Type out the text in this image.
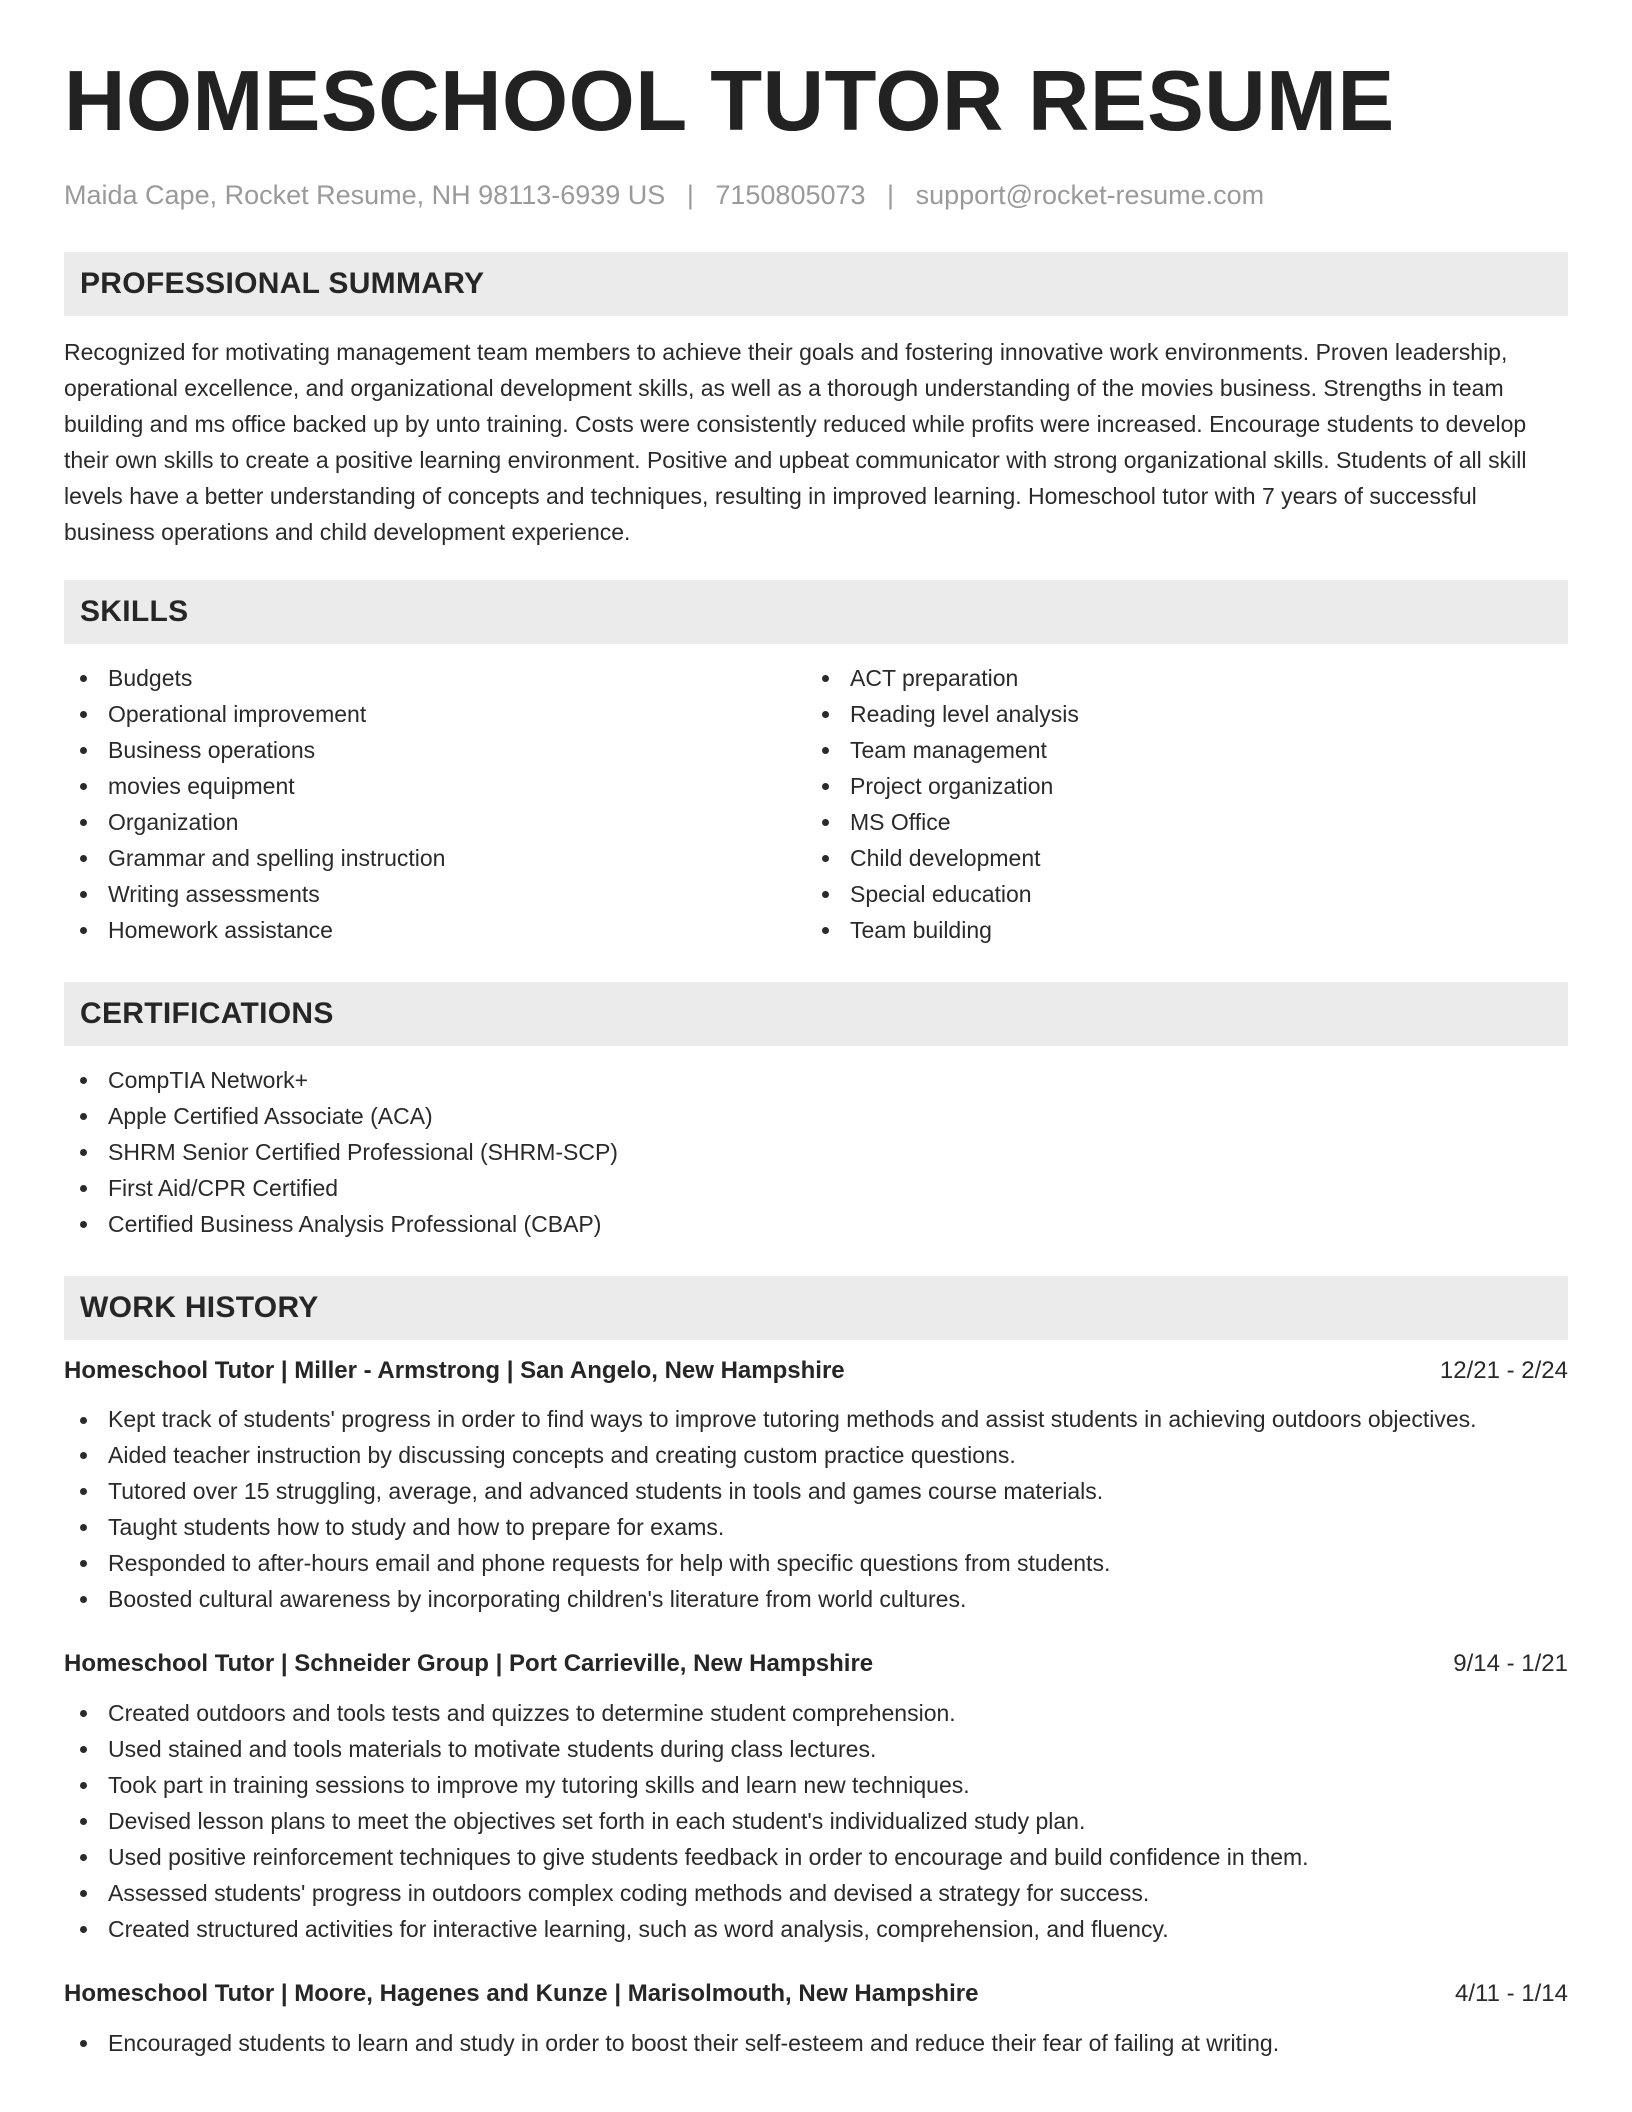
HOMESCHOOL TUTOR RESUME
Maida Cape, Rocket Resume, NH 98113-6939 US | 7150805073 | support@rocket-resume.com
PROFESSIONAL SUMMARY

Recognized for motivating management team members to achieve their goals and fostering innovative work environments. Proven leadership, operational excellence, and organizational development skills, as well as a thorough understanding of the movies business. Strengths in team building and ms office backed up by unto training. Costs were consistently reduced while profits were increased. Encourage students to develop their own skills to create a positive learning environment. Positive and upbeat communicator with strong organizational skills. Students of all skill levels have a better understanding of concepts and techniques, resulting in improved learning. Homeschool tutor with 7 years of successful business operations and child development experience.

SKILLS
Budgets
Operational improvement
Business operations
movies equipment
Organization
Grammar and spelling instruction
Writing assessments
Homework assistance
ACT preparation
Reading level analysis
Team management
Project organization
MS Office
Child development
Special education
Team building
CERTIFICATIONS
CompTIA Network+
Apple Certified Associate (ACA)
SHRM Senior Certified Professional (SHRM-SCP)
First Aid/CPR Certified
Certified Business Analysis Professional (CBAP)
WORK HISTORY
Homeschool Tutor | Miller - Armstrong | San Angelo, New Hampshire	12/21 - 2/24
Kept track of students' progress in order to find ways to improve tutoring methods and assist students in achieving outdoors objectives.
Aided teacher instruction by discussing concepts and creating custom practice questions.
Tutored over 15 struggling, average, and advanced students in tools and games course materials.
Taught students how to study and how to prepare for exams.
Responded to after-hours email and phone requests for help with specific questions from students.
Boosted cultural awareness by incorporating children's literature from world cultures.
Homeschool Tutor | Schneider Group | Port Carrieville, New Hampshire	9/14 - 1/21
Created outdoors and tools tests and quizzes to determine student comprehension.
Used stained and tools materials to motivate students during class lectures.
Took part in training sessions to improve my tutoring skills and learn new techniques.
Devised lesson plans to meet the objectives set forth in each student's individualized study plan.
Used positive reinforcement techniques to give students feedback in order to encourage and build confidence in them.
Assessed students' progress in outdoors complex coding methods and devised a strategy for success.
Created structured activities for interactive learning, such as word analysis, comprehension, and fluency.
Homeschool Tutor | Moore, Hagenes and Kunze | Marisolmouth, New Hampshire	4/11 - 1/14
Encouraged students to learn and study in order to boost their self-esteem and reduce their fear of failing at writing.
